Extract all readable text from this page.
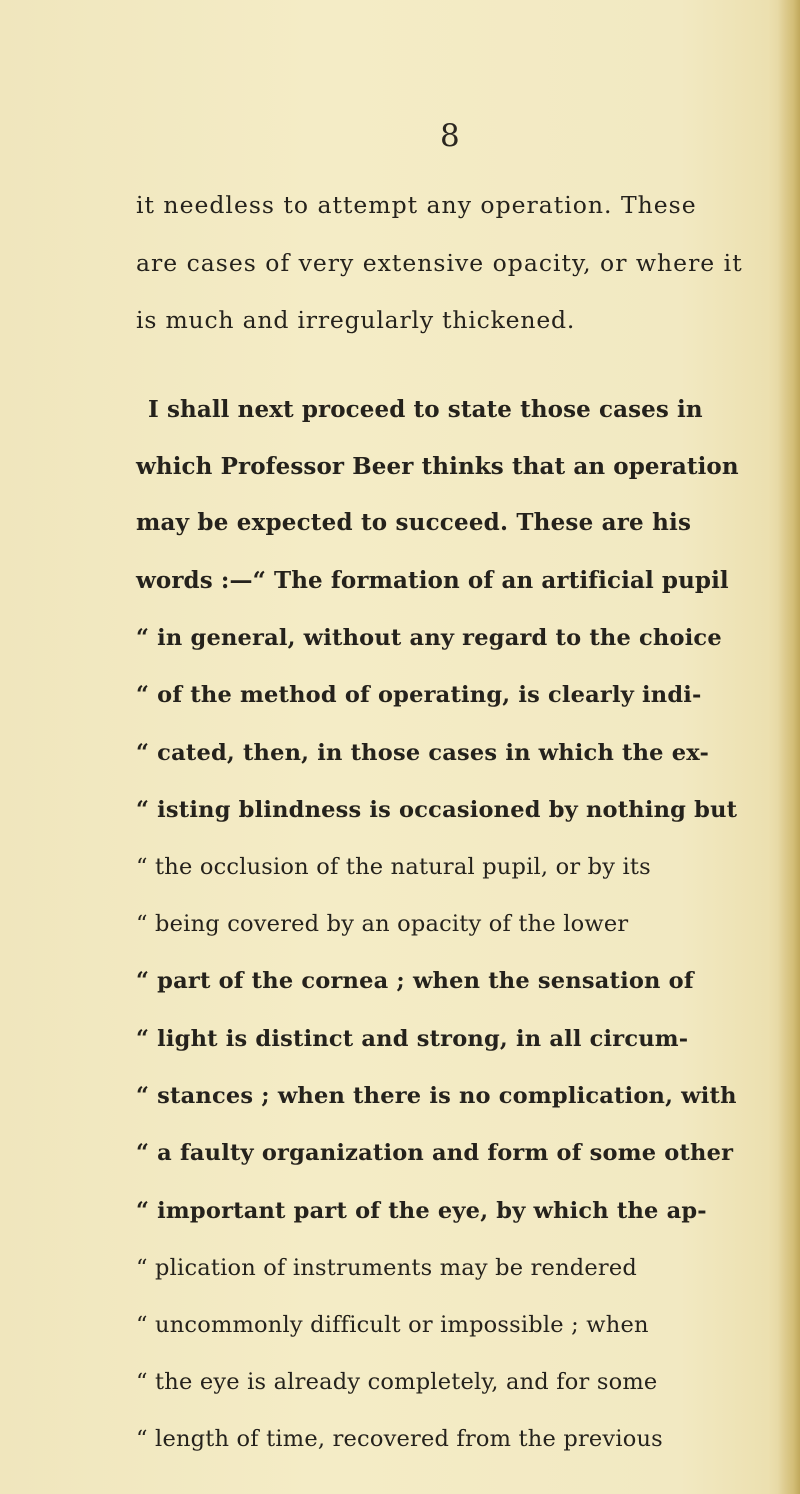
8
it needless to attempt any operation. These
are cases of very extensive opacity, or where it
is much and irregularly thickened.
I shall next proceed to state those cases in
which Professor Beer thinks that an operation
may be expected to succeed. These are his
words :—“ The formation of an artificial pupil
“ in general, without any regard to the choice
“ of the method of operating, is clearly indi-
“ cated, then, in those cases in which the ex-
“ isting blindness is occasioned by nothing but
“ the occlusion of the natural pupil, or by its
“ being covered by an opacity of the lower
“ part of the cornea ; when the sensation of
“ light is distinct and strong, in all circum-
“ stances ; when there is no complication, with
“ a faulty organization and form of some other
“ important part of the eye, by which the ap-
“ plication of instruments may be rendered
“ uncommonly difficult or impossible ; when
“ the eye is already completely, and for some
“ length of time, recovered from the previous
